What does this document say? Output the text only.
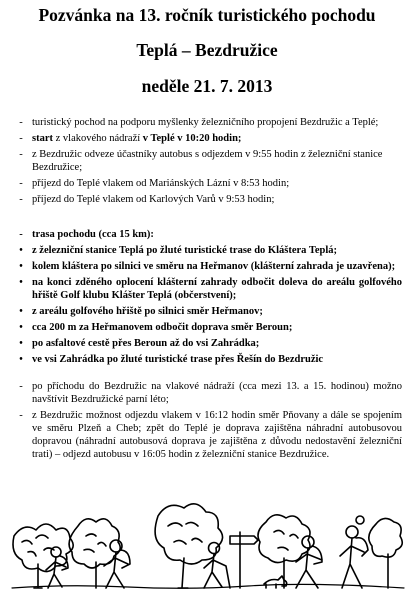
Pozvánka na 13. ročník turistického pochodu
Teplá – Bezdružice
neděle 21. 7. 2013
- turistický pochod na podporu myšlenky železničního propojení Bezdružic a Teplé;
- start z vlakového nádraží v Teplé v 10:20 hodin;
- z Bezdružic odveze účastníky autobus s odjezdem v 9:55 hodin z železniční stanice Bezdružice;
- příjezd do Teplé vlakem od Mariánských Lázní v 8:53 hodin;
- příjezd do Teplé vlakem od Karlových Varů v 9:53 hodin;
- trasa pochodu (cca 15 km):
• z železniční stanice Teplá po žluté turistické trase do Kláštera Teplá;
• kolem kláštera po silnici ve směru na Heřmanov (klášterní zahrada je uzavřena);
• na konci zděného oplocení klášterní zahrady odbočit doleva do areálu golfového hřiště Golf klubu Klášter Teplá (občerstvení);
• z areálu golfového hřiště po silnici směr Heřmanov;
• cca 200 m za Heřmanovem odbočit doprava směr Beroun;
• po asfaltové cestě přes Beroun až do vsi Zahrádka;
• ve vsi Zahrádka po žluté turistické trase přes Řešín do Bezdružic
- po příchodu do Bezdružic na vlakové nádraží (cca mezi 13. a 15. hodinou) možno navštívit Bezdružické parní léto;
- z Bezdružic možnost odjezdu vlakem v 16:12 hodin směr Pňovany a dále se spojením ve směru Plzeň a Cheb; zpět do Teplé je doprava zajištěna náhradní autobusovou dopravou (náhradní autobusová doprava je zajištěna z důvodu nedostavění železniční trati) – odjezd autobusu v 16:05 hodin z železniční stanice Bezdružice.
